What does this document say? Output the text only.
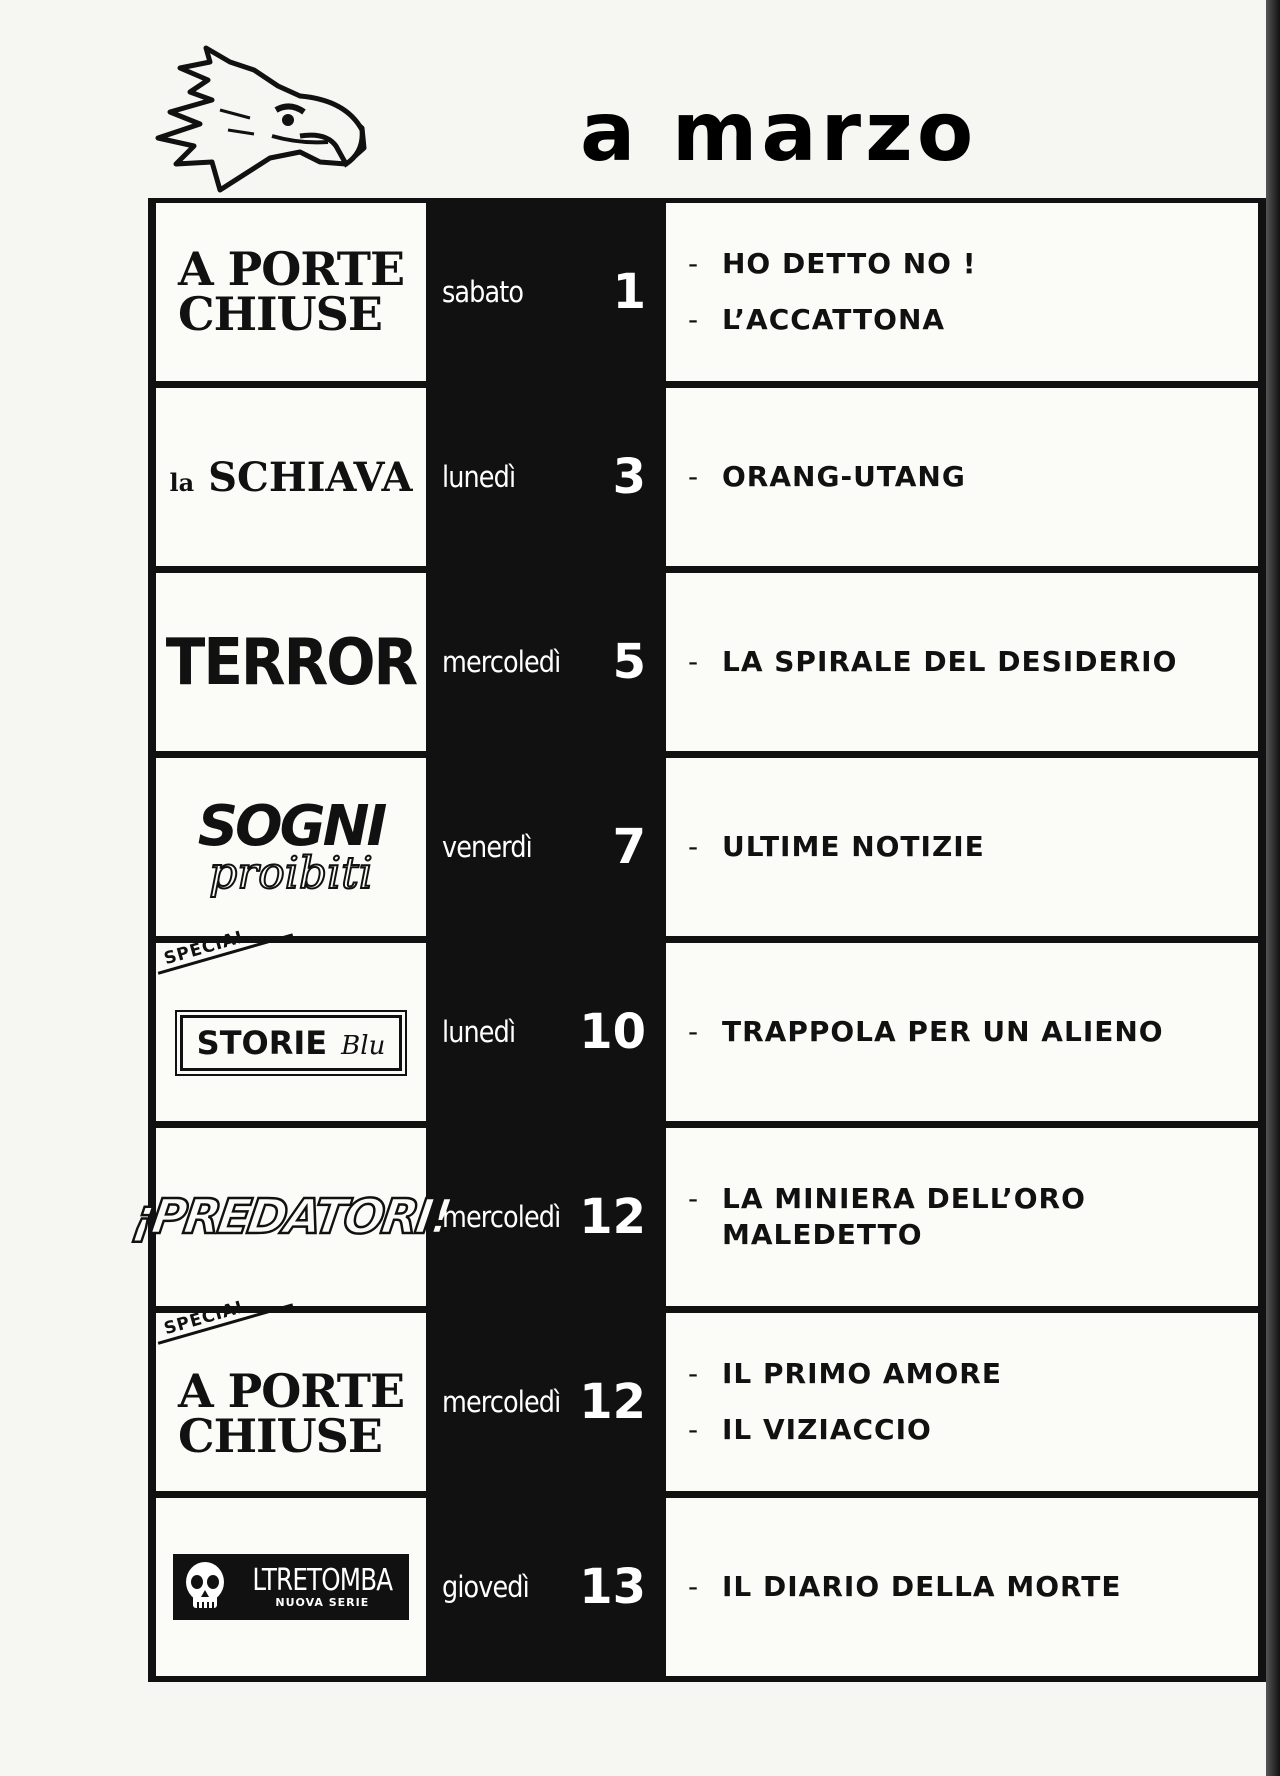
a marzo
A PORTE
CHIUSE	sabato 1
- HO DETTO NO !
- L’ACCATTONA
la SCHIAVA lunedì 3 - ORANG-UTANG
TERROR mercoledì 5 - LA SPIRALE DEL DESIDERIO
SOGNI
proibiti
venerdì 7 - ULTIME NOTIZIE
SPECIAL
STORIE Blu lunedì 10 - TRAPPOLA PER UN ALIENO
¡PREDATORI!
mercoledì 12 - LA MINIERA DELL’ORO
MALEDETTO
SPECIAL
A PORTE
CHIUSE
mercoledì 12
- IL PRIMO AMORE
- IL VIZIACCIO
LTRETOMBA
NUOVA SERIE	giovedì 13 - IL DIARIO DELLA MORTE
